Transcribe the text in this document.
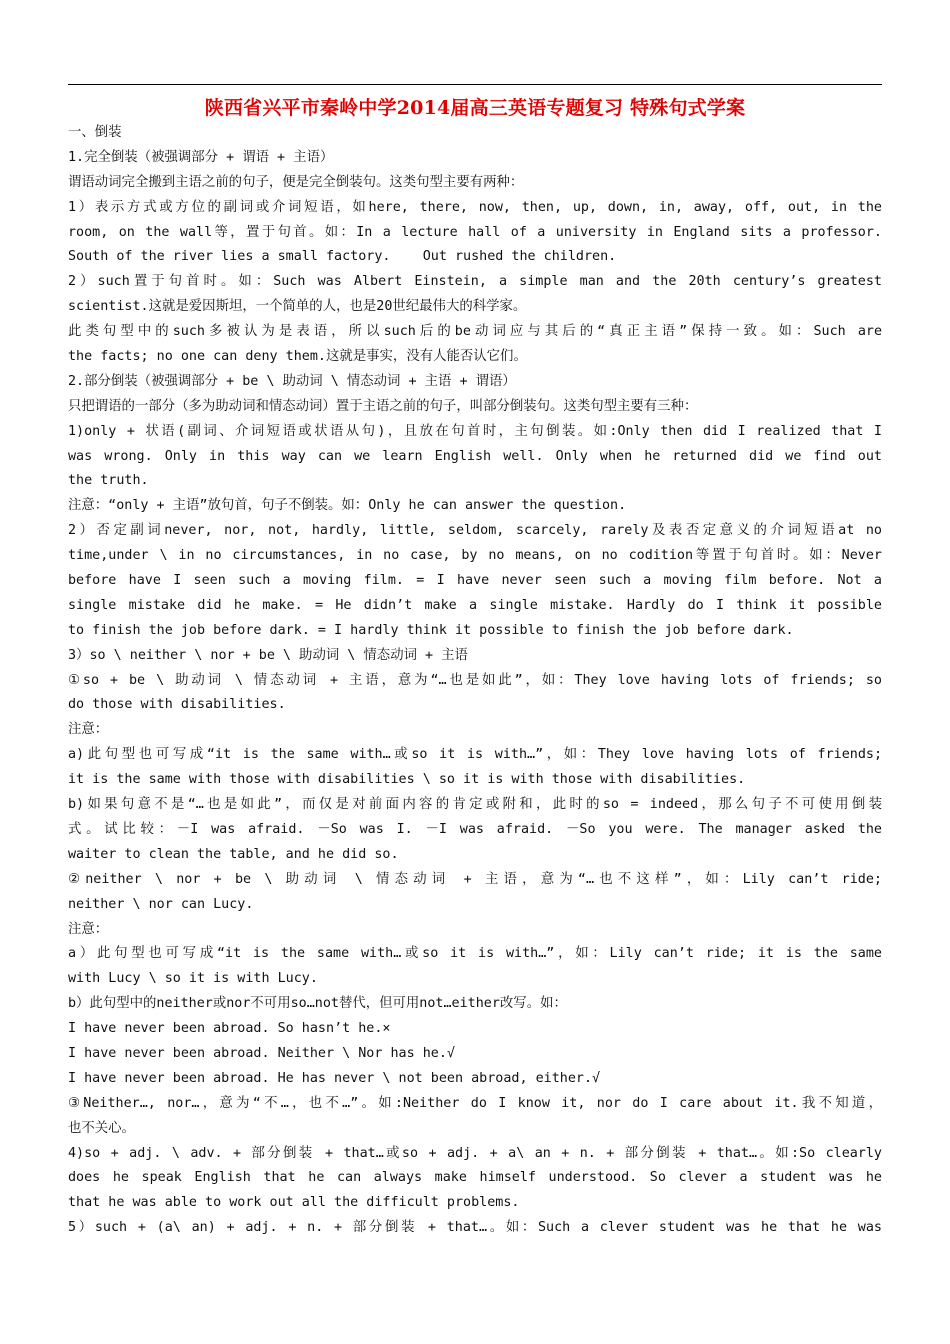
陕西省兴平市秦岭中学2014届高三英语专题复习 特殊句式学案
一、倒装
1.完全倒装（被强调部分 + 谓语 + 主语）
谓语动词完全搬到主语之前的句子，便是完全倒装句。这类句型主要有两种：
1）表示方式或方位的副词或介词短语，如here, there, now, then, up, down, in, away, off, out, in the
room, on the wall等，置于句首。如：In a lecture hall of a university in England sits a professor.
South of the river lies a small factory.    Out rushed the children.
2）such置于句首时。如：Such was Albert Einstein, a simple man and the 20th century’s greatest
scientist.这就是爱因斯坦，一个简单的人，也是20世纪最伟大的科学家。
此类句型中的such多被认为是表语，所以such后的be动词应与其后的“真正主语”保持一致。如：Such are
the facts; no one can deny them.这就是事实，没有人能否认它们。
2.部分倒装（被强调部分 + be \ 助动词 \ 情态动词 + 主语 + 谓语）
只把谓语的一部分（多为助动词和情态动词）置于主语之前的句子，叫部分倒装句。这类句型主要有三种：
1)only + 状语(副词、介词短语或状语从句)，且放在句首时，主句倒装。如:Only then did I realized that I
was wrong. Only in this way can we learn English well. Only when he returned did we find out
the truth.
注意：“only + 主语”放句首，句子不倒装。如：Only he can answer the question.
2）否定副词never, nor, not, hardly, little, seldom, scarcely, rarely及表否定意义的介词短语at no
time,under \ in no circumstances, in no case, by no means, on no codition等置于句首时。如：Never
before have I seen such a moving film. = I have never seen such a moving film before. Not a
single mistake did he make. = He didn’t make a single mistake. Hardly do I think it possible
to finish the job before dark. = I hardly think it possible to finish the job before dark.
3）so \ neither \ nor + be \ 助动词 \ 情态动词 + 主语
①so + be \ 助动词 \ 情态动词 + 主语，意为“…也是如此”，如：They love having lots of friends; so
do those with disabilities.
注意：
a)此句型也可写成“it is the same with…或so it is with…”，如：They love having lots of friends;
it is the same with those with disabilities \ so it is with those with disabilities.
b)如果句意不是“…也是如此”，而仅是对前面内容的肯定或附和，此时的so = indeed，那么句子不可使用倒装
式。试比较：－I was afraid. －So was I. －I was afraid. －So you were. The manager asked the
waiter to clean the table, and he did so.
②neither \ nor + be \ 助动词 \ 情态动词 + 主语，意为“…也不这样”，如：Lily can’t ride;
neither \ nor can Lucy.
注意：
a）此句型也可写成“it is the same with…或so it is with…”，如：Lily can’t ride; it is the same
with Lucy \ so it is with Lucy.
b）此句型中的neither或nor不可用so…not替代，但可用not…either改写。如：
I have never been abroad. So hasn’t he.×
I have never been abroad. Neither \ Nor has he.√
I have never been abroad. He has never \ not been abroad, either.√
③Neither…, nor…，意为“不…，也不…”。如:Neither do I know it, nor do I care about it.我不知道，
也不关心。
4)so + adj. \ adv. + 部分倒装 + that…或so + adj. + a\ an + n. + 部分倒装 + that…。如:So clearly
does he speak English that he can always make himself understood. So clever a student was he
that he was able to work out all the difficult problems.
5）such + (a\ an) + adj. + n. + 部分倒装 + that…。如：Such a clever student was he that he was
